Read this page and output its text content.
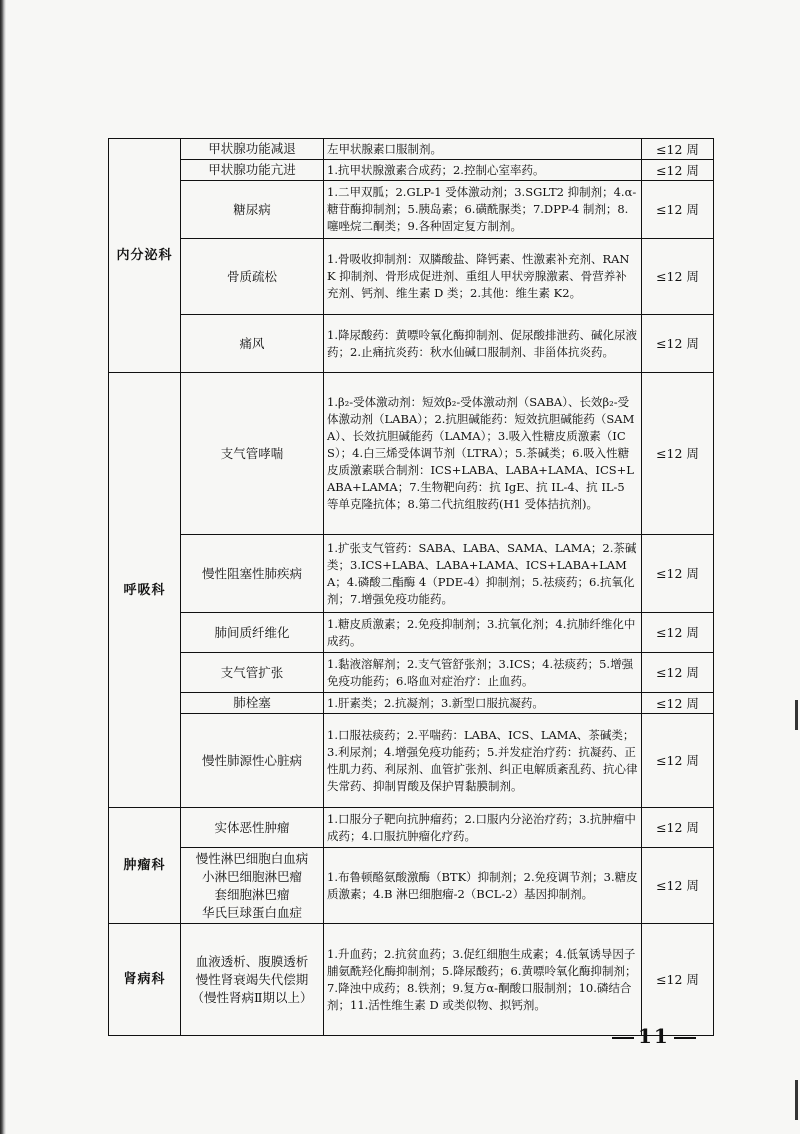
内分泌科	甲状腺功能减退	左甲状腺素口服制剂。	≤12 周
	甲状腺功能亢进	1.抗甲状腺激素合成药；2.控制心室率药。	≤12 周
	糖尿病	1.二甲双胍；2.GLP-1 受体激动剂；3.SGLT2 抑制剂；4.α-糖苷酶抑制剂；5.胰岛素；6.磺酰脲类；7.DPP-4 制剂；8.噻唑烷二酮类；9.各种固定复方制剂。	≤12 周
	骨质疏松	1.骨吸收抑制剂：双膦酸盐、降钙素、性激素补充剂、RANK 抑制剂、骨形成促进剂、重组人甲状旁腺激素、骨营养补充剂、钙剂、维生素 D 类；2.其他：维生素 K2。	≤12 周
	痛风	1.降尿酸药：黄嘌呤氧化酶抑制剂、促尿酸排泄药、碱化尿液药；2.止痛抗炎药：秋水仙碱口服制剂、非甾体抗炎药。	≤12 周
呼吸科	支气管哮喘	1.β₂-受体激动剂：短效β₂-受体激动剂（SABA）、长效β₂-受体激动剂（LABA）；2.抗胆碱能药：短效抗胆碱能药（SAMA）、长效抗胆碱能药（LAMA）；3.吸入性糖皮质激素（ICS）；4.白三烯受体调节剂（LTRA）；5.茶碱类；6.吸入性糖皮质激素联合制剂：ICS+LABA、LABA+LAMA、ICS+LABA+LAMA；7.生物靶向药：抗 IgE、抗 IL-4、抗 IL-5 等单克隆抗体；8.第二代抗组胺药(H1 受体拮抗剂)。	≤12 周
	慢性阻塞性肺疾病	1.扩张支气管药：SABA、LABA、SAMA、LAMA；2.茶碱类；3.ICS+LABA、LABA+LAMA、ICS+LABA+LAMA；4.磷酸二酯酶 4（PDE-4）抑制剂；5.祛痰药；6.抗氧化剂；7.增强免疫功能药。	≤12 周
	肺间质纤维化	1.糖皮质激素；2.免疫抑制剂；3.抗氧化剂；4.抗肺纤维化中成药。	≤12 周
	支气管扩张	1.黏液溶解剂；2.支气管舒张剂；3.ICS；4.祛痰药；5.增强免疫功能药；6.咯血对症治疗：止血药。	≤12 周
	肺栓塞	1.肝素类；2.抗凝剂；3.新型口服抗凝药。	≤12 周
	慢性肺源性心脏病	1.口服祛痰药；2.平喘药：LABA、ICS、LAMA、茶碱类；3.利尿剂；4.增强免疫功能药；5.并发症治疗药：抗凝药、正性肌力药、利尿剂、血管扩张剂、纠正电解质紊乱药、抗心律失常药、抑制胃酸及保护胃黏膜制剂。	≤12 周
肿瘤科	实体恶性肿瘤	1.口服分子靶向抗肿瘤药；2.口服内分泌治疗药；3.抗肿瘤中成药；4.口服抗肿瘤化疗药。	≤12 周
	慢性淋巴细胞白血病
小淋巴细胞淋巴瘤
套细胞淋巴瘤
华氏巨球蛋白血症	1.布鲁顿酪氨酸激酶（BTK）抑制剂；2.免疫调节剂；3.糖皮质激素；4.B 淋巴细胞瘤-2（BCL-2）基因抑制剂。	≤12 周
肾病科	血液透析、腹膜透析
慢性肾衰竭失代偿期
（慢性肾病Ⅱ期以上）	1.升血药；2.抗贫血药；3.促红细胞生成素；4.低氧诱导因子脯氨酰羟化酶抑制剂；5.降尿酸药；6.黄嘌呤氧化酶抑制剂；7.降浊中成药；8.铁剂；9.复方α-酮酸口服制剂；10.磷结合剂；11.活性维生素 D 或类似物、拟钙剂。	≤12 周
11
